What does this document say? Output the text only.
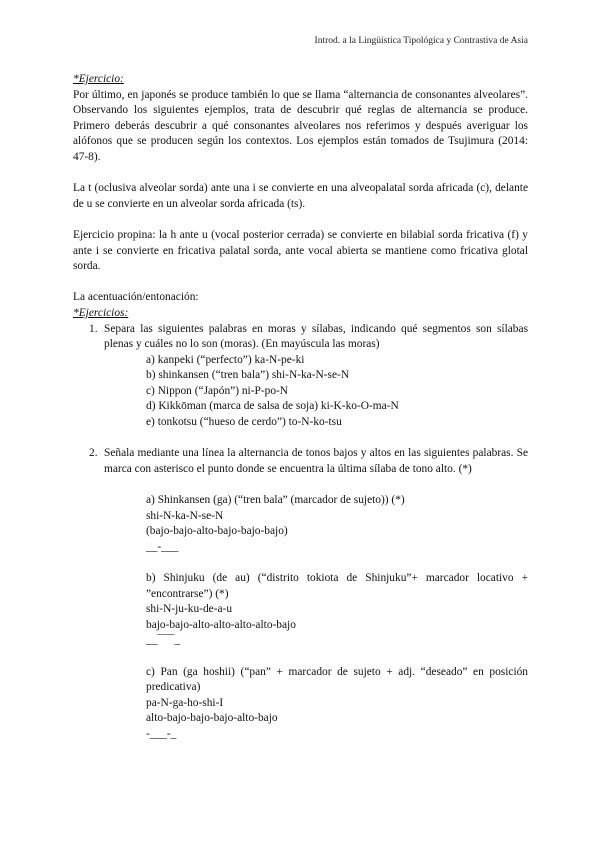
Introd. a la Lingüística Tipológica y Contrastiva de Asia

*Ejercicio:

Por último, en japonés se produce también lo que se llama “alternancia de consonantes alveolares”. Observando los siguientes ejemplos, trata de descubrir qué reglas de alternancia se produce. Primero deberás descubrir a qué consonantes alveolares nos referimos y después averiguar los alófonos que se producen según los contextos. Los ejemplos están tomados de Tsujimura (2014: 47-8).

La t (oclusiva alveolar sorda) ante una i se convierte en una alveopalatal sorda africada (c), delante de u se convierte en un alveolar sorda africada (ts).

Ejercicio propina: la h ante u (vocal posterior cerrada) se convierte en bilabial sorda fricativa (f) y ante i se convierte en fricativa palatal sorda, ante vocal abierta se mantiene como fricativa glotal sorda.

La acentuación/entonación:

*Ejercicios:

1. Separa las siguientes palabras en moras y sílabas, indicando qué segmentos son sílabas plenas y cuáles no lo son (moras). (En mayúscula las moras)
a) kanpeki (“perfecto”) ka-N-pe-ki
b) shinkansen (“tren bala”) shi-N-ka-N-se-N
c) Nippon (“Japón”) ni-P-po-N
d) Kikkōman (marca de salsa de soja) ki-K-ko-O-ma-N
e) tonkotsu (“hueso de cerdo”) to-N-ko-tsu
2. Señala mediante una línea la alternancia de tonos bajos y altos en las siguientes palabras. Se marca con asterisco el punto donde se encuentra la última sílaba de tono alto. (*)

a) Shinkansen (ga) (“tren bala” (marcador de sujeto)) (*)

shi-N-ka-N-se-N
(bajo-bajo-alto-bajo-bajo-bajo)
__-___

b) Shinjuku (de au) (“distrito tokiota de Shinjuku”+ marcador locativo + ”encontrarse”) (*)

shi-N-ju-ku-de-a-u
bajo-bajo-alto-alto-alto-alto-bajo
__¯¯¯_

c) Pan (ga hoshii) (“pan” + marcador de sujeto + adj. “deseado” en posición predicativa)

pa-N-ga-ho-shi-I
alto-bajo-bajo-bajo-alto-bajo
-___-_
